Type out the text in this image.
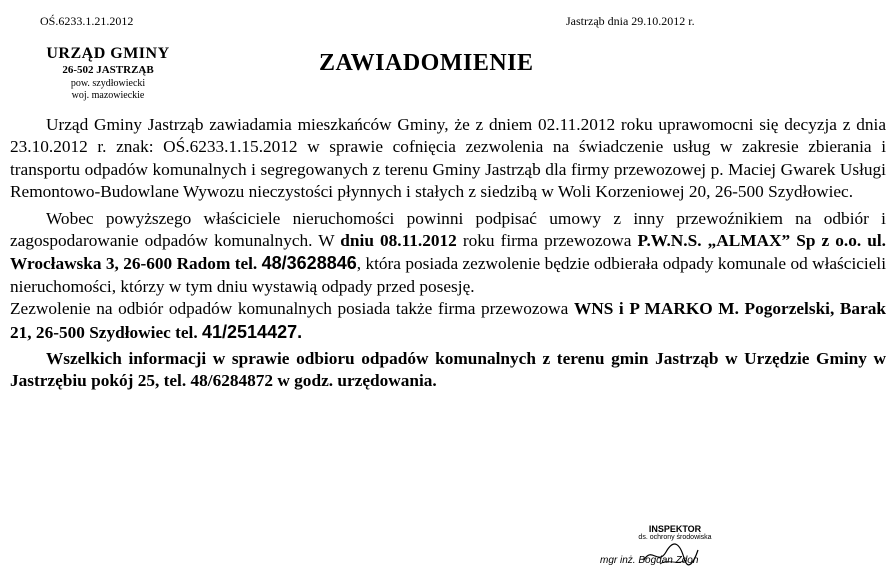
OŚ.6233.1.21.2012	Jastrząb dnia 29.10.2012 r.
URZĄD GMINY
26-502 JASTRZĄB
pow. szydłowiecki
woj. mazowieckie
ZAWIADOMIENIE

Urząd Gminy Jastrząb zawiadamia mieszkańców Gminy, że z dniem 02.11.2012 roku uprawomocni się decyzja z dnia 23.10.2012 r. znak: OŚ.6233.1.15.2012 w sprawie cofnięcia zezwolenia na świadczenie usług w zakresie zbierania i transportu odpadów komunalnych i segregowanych z terenu Gminy Jastrząb dla firmy przewozowej p. Maciej Gwarek Usługi Remontowo-Budowlane Wywozu nieczystości płynnych i stałych z siedzibą w Woli Korzeniowej 20, 26-500 Szydłowiec.

Wobec powyższego właściciele nieruchomości powinni podpisać umowy z inny przewoźnikiem na odbiór i zagospodarowanie odpadów komunalnych. W dniu 08.11.2012 roku firma przewozowa P.W.N.S. „ALMAX” Sp z o.o. ul. Wrocławska 3, 26-600 Radom tel. 48/3628846, która posiada zezwolenie będzie odbierała odpady komunale od właścicieli nieruchomości, którzy w tym dniu wystawią odpady przed posesję.

Zezwolenie na odbiór odpadów komunalnych posiada także firma przewozowa WNS i P MARKO M. Pogorzelski, Barak 21, 26-500 Szydłowiec tel. 41/2514427.

Wszelkich informacji w sprawie odbioru odpadów komunalnych z terenu gmin Jastrząb w Urzędzie Gminy w Jastrzębiu pokój 25, tel. 48/6284872 w godz. urzędowania.

INSPEKTOR
ds. ochrony środowiska
mgr inż. Bogdan Zdon
